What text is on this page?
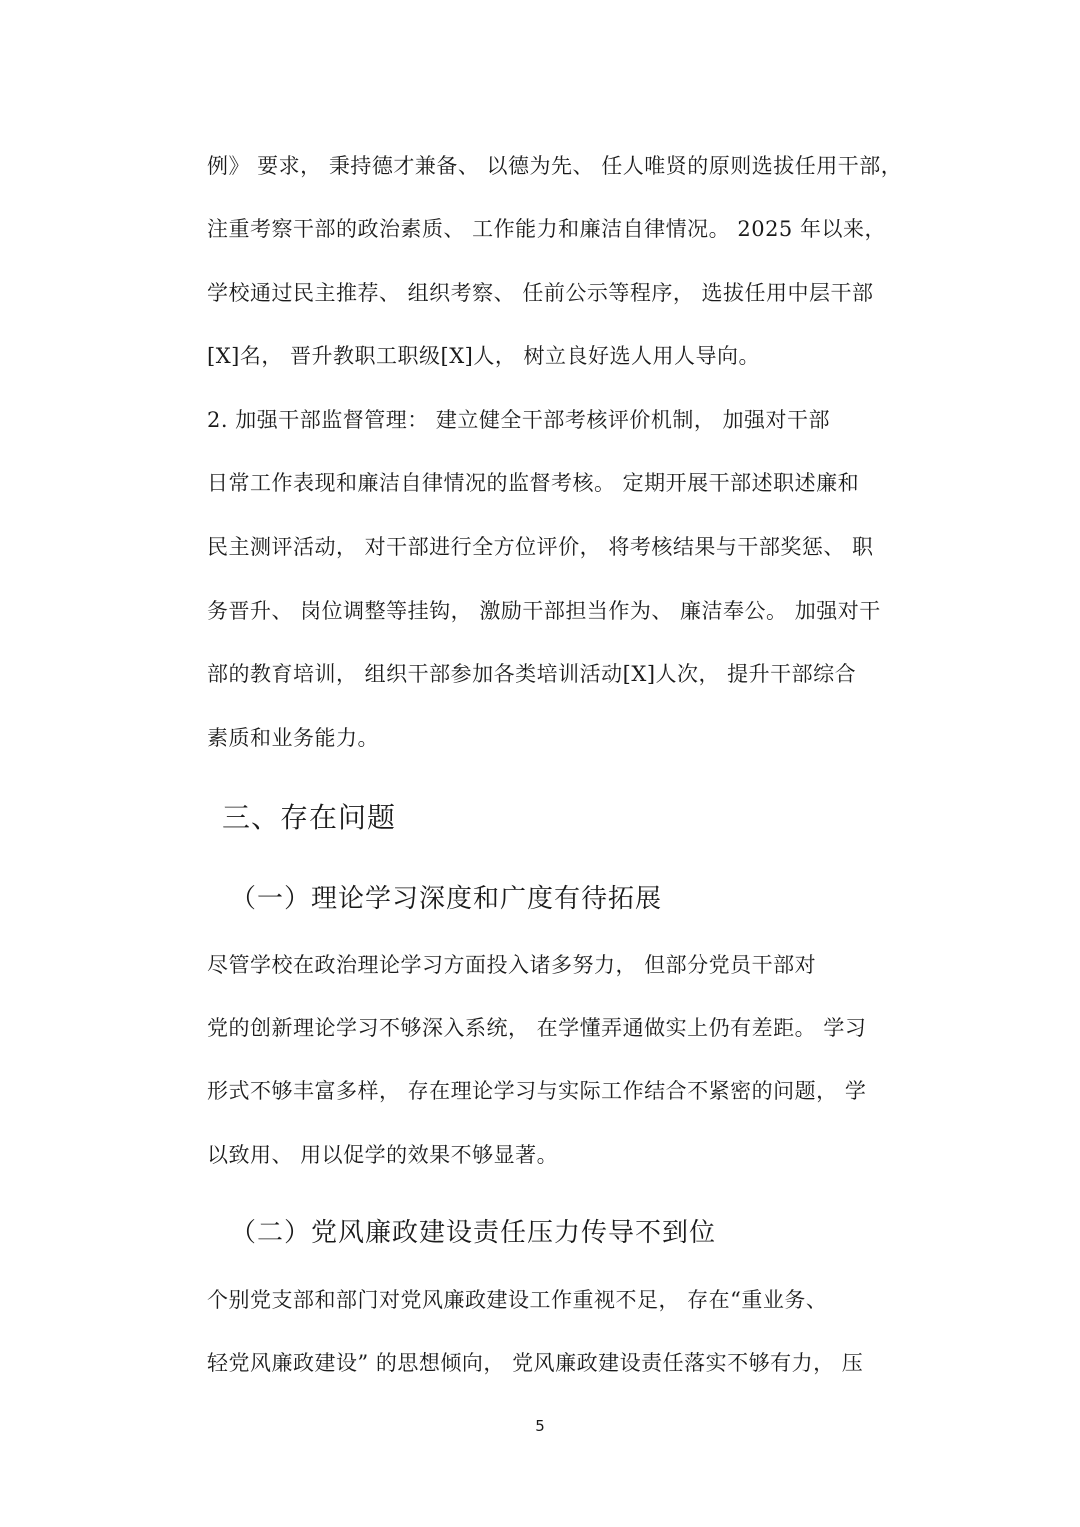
例》 要求， 秉持德才兼备、 以德为先、 任人唯贤的原则选拔任用干部，
注重考察干部的政治素质、 工作能力和廉洁自律情况。 2025 年以来，
学校通过民主推荐、 组织考察、 任前公示等程序， 选拔任用中层干部
[X]名， 晋升教职工职级[X]人， 树立良好选人用人导向。
2. 加强干部监督管理： 建立健全干部考核评价机制， 加强对干部
日常工作表现和廉洁自律情况的监督考核。 定期开展干部述职述廉和
民主测评活动， 对干部进行全方位评价， 将考核结果与干部奖惩、 职
务晋升、 岗位调整等挂钩， 激励干部担当作为、 廉洁奉公。 加强对干
部的教育培训， 组织干部参加各类培训活动[X]人次， 提升干部综合
素质和业务能力。
三、存在问题
（一）理论学习深度和广度有待拓展
尽管学校在政治理论学习方面投入诸多努力， 但部分党员干部对
党的创新理论学习不够深入系统， 在学懂弄通做实上仍有差距。 学习
形式不够丰富多样， 存在理论学习与实际工作结合不紧密的问题， 学
以致用、 用以促学的效果不够显著。
（二）党风廉政建设责任压力传导不到位
个别党支部和部门对党风廉政建设工作重视不足， 存在“重业务、
轻党风廉政建设” 的思想倾向， 党风廉政建设责任落实不够有力， 压
5
